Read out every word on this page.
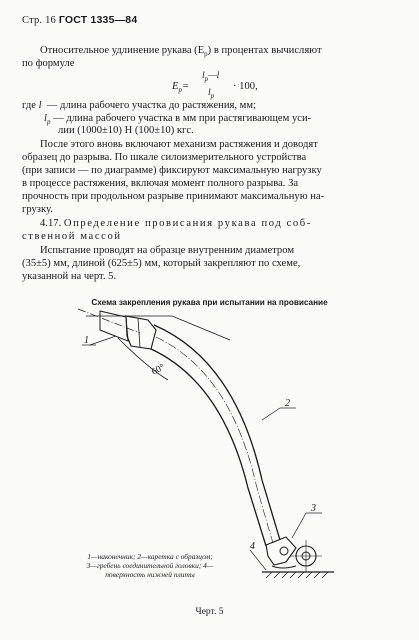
Стр. 16 ГОСТ 1335—84
Относительное удлинение рукава $(E_р)$ в процентах вычисляют
по формуле
$E_р=$
$l_р—l$
$l_р$
· 100,
где l — длина рабочего участка до растяжения, мм;
$l_р$ — длина рабочего участка в мм при растягивающем уси-
лии (1000±10) Н (100±10) кгс.
После этого вновь включают механизм растяжения и доводят
образец до разрыва. По шкале силоизмерительного устройства
(при записи — по диаграмме) фиксируют максимальную нагрузку
в процессе растяжения, включая момент полного разрыва. За
прочность при продольном разрыве принимают максимальную на-
грузку.
4.17. Определение провисания рукава под соб-
ственной массой
Испытание проводят на образце внутренним диаметром
(35±5) мм, длиной (625±5) мм, который закрепляют по схеме,
указанной на черт. 5.
Схема закрепления рукава при испытании на провисание
1
2
3
4
60°
1—наконечник; 2—каретка с образцом;
3—гребень соединительной головки; 4—
поверхность нижней плиты
Черт. 5
